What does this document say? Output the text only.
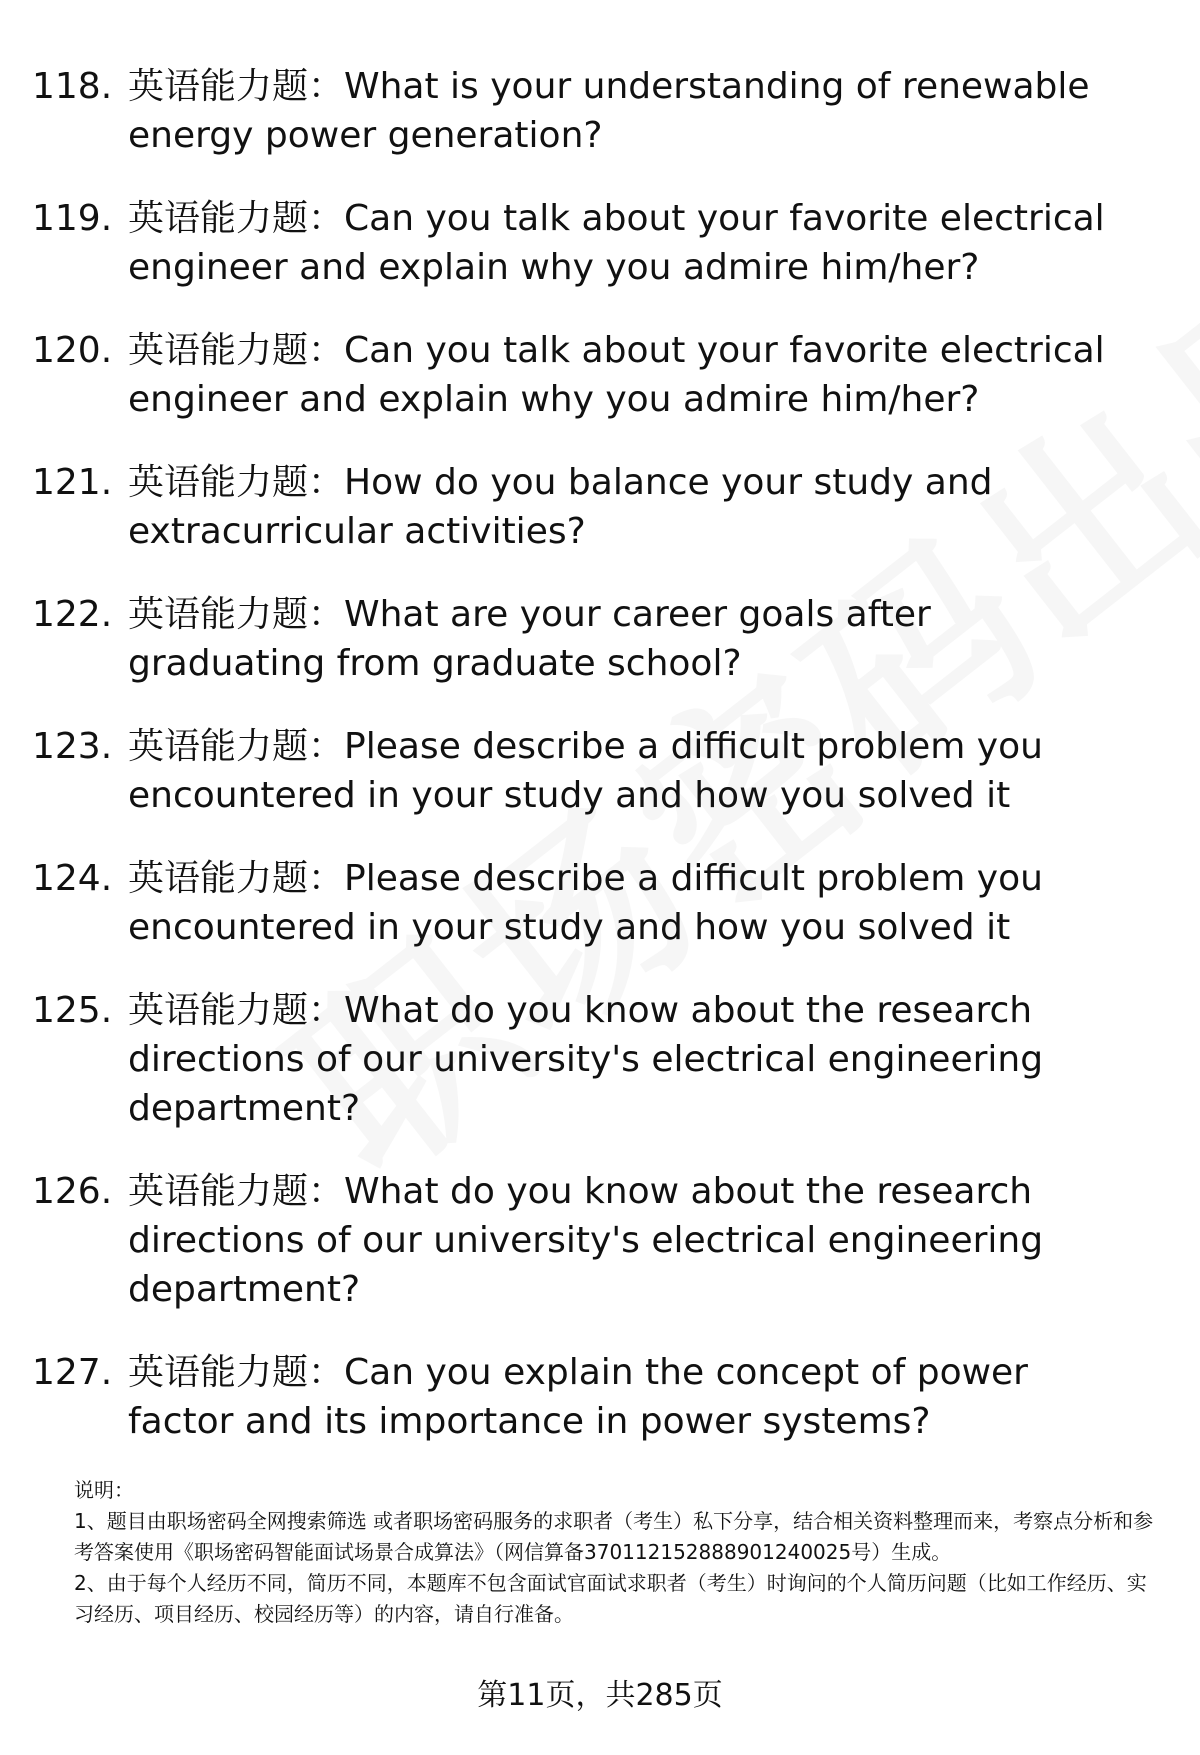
118. 英语能力题：What is your understanding of renewable energy power generation?
119. 英语能力题：Can you talk about your favorite electrical engineer and explain why you admire him/her?
120. 英语能力题：Can you talk about your favorite electrical engineer and explain why you admire him/her?
121. 英语能力题：How do you balance your study and extracurricular activities?
122. 英语能力题：What are your career goals after graduating from graduate school?
123. 英语能力题：Please describe a difficult problem you encountered in your study and how you solved it
124. 英语能力题：Please describe a difficult problem you encountered in your study and how you solved it
125. 英语能力题：What do you know about the research directions of our university's electrical engineering department?
126. 英语能力题：What do you know about the research directions of our university's electrical engineering department?
127. 英语能力题：Can you explain the concept of power factor and its importance in power systems?

说明：

1、题目由职场密码全网搜索筛选 或者职场密码服务的求职者（考生）私下分享，结合相关资料整理而来，考察点分析和参考答案使用《职场密码智能面试场景合成算法》（网信算备370112152888901240025号）生成。

2、由于每个人经历不同，简历不同，本题库不包含面试官面试求职者（考生）时询问的个人简历问题（比如工作经历、实习经历、项目经历、校园经历等）的内容，请自行准备。

第11页，共285页
